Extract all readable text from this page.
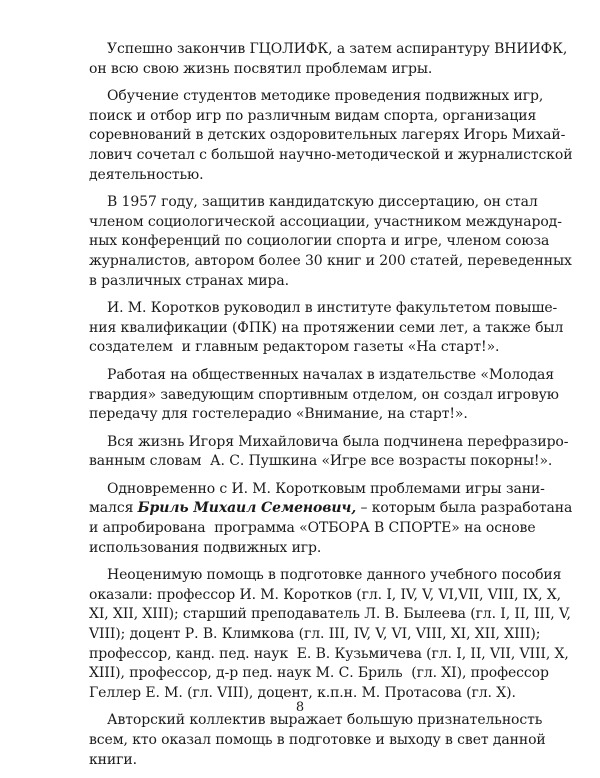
Успешно закончив ГЦОЛИФК, а затем аспирантуру ВНИИФК,
он всю свою жизнь посвятил проблемам игры.

Обучение студентов методике проведения подвижных игр,
поиск и отбор игр по различным видам спорта, организация
соревнований в детских оздоровительных лагерях Игорь Михай-
лович сочетал с большой научно-методической и журналистской
деятельностью.

В 1957 году, защитив кандидатскую диссертацию, он стал
членом социологической ассоциации, участником международ-
ных конференций по социологии спорта и игре, членом союза
журналистов, автором более 30 книг и 200 статей, переведенных
в различных странах мира.

И. М. Коротков руководил в институте факультетом повыше-
ния квалификации (ФПК) на протяжении семи лет, а также был
создателем  и главным редактором газеты «На старт!».

Работая на общественных началах в издательстве «Молодая
гвардия» заведующим спортивным отделом, он создал игровую
передачу для гостелерадио «Внимание, на старт!».

Вся жизнь Игоря Михайловича была подчинена перефразиро-
ванным словам  А. С. Пушкина «Игре все возрасты покорны!».

Одновременно с И. М. Коротковым проблемами игры зани-
мался Бриль Михаил Семенович, – которым была разработана
и апробирована  программа «ОТБОРА В СПОРТЕ» на основе
использования подвижных игр.

Неоценимую помощь в подготовке данного учебного пособия
оказали: профессор И. М. Коротков (гл. I, IV, V, VI,VII, VIII, IX, X,
XI, XII, XIII); старший преподаватель Л. В. Былеева (гл. I, II, III, V,
VIII); доцент Р. В. Климкова (гл. III, IV, V, VI, VIII, XI, XII, XIII);
профессор, канд. пед. наук  Е. В. Кузьмичева (гл. I, II, VII, VIII, X,
XIII), профессор, д-р пед. наук М. С. Бриль  (гл. XI), профессор
Геллер Е. М. (гл. VIII), доцент, к.п.н. М. Протасова (гл. X).

Авторский коллектив выражает большую признательность
всем, кто оказал помощь в подготовке и выходу в свет данной
книги.

8
